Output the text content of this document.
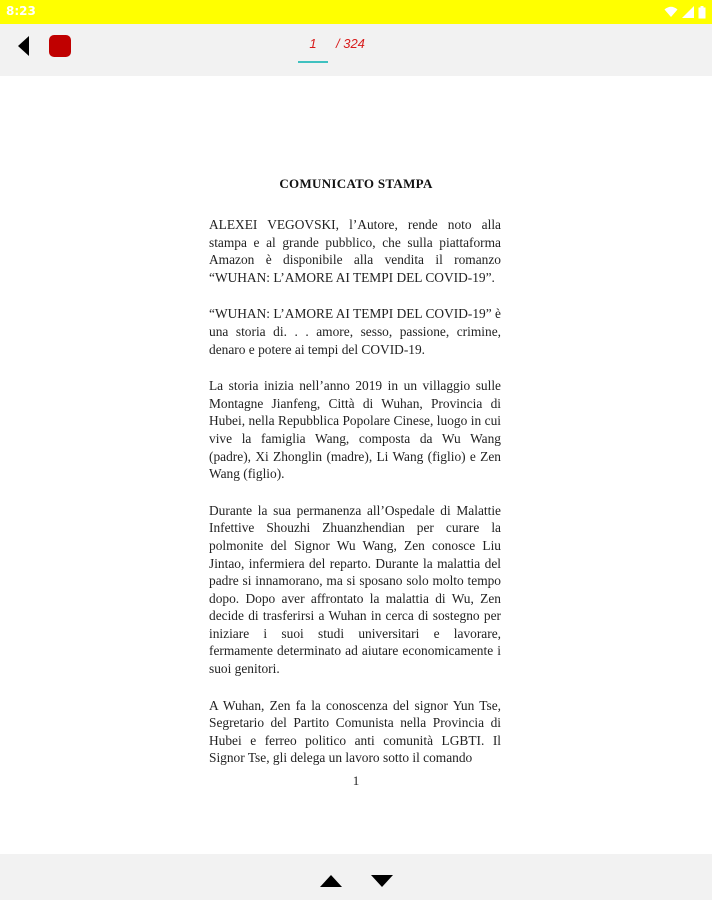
8:23
1	/ 324
COMUNICATO STAMPA

ALEXEI VEGOVSKI, l’Autore, rende noto alla stampa e al grande pubblico, che sulla piattaforma Amazon è disponibile alla vendita il romanzo “WUHAN: L’AMORE AI TEMPI DEL COVID-19”.

“WUHAN: L’AMORE AI TEMPI DEL COVID-19” è una storia di. . . amore, sesso, passione, crimine, denaro e potere ai tempi del COVID-19.

La storia inizia nell’anno 2019 in un villaggio sulle Montagne Jianfeng, Città di Wuhan, Provincia di Hubei, nella Repubblica Popolare Cinese, luogo in cui vive la famiglia Wang, composta da Wu Wang (padre), Xi Zhonglin (madre), Li Wang (figlio) e Zen Wang (figlio).

Durante la sua permanenza all’Ospedale di Malattie Infettive Shouzhi Zhuanzhendian per curare la polmonite del Signor Wu Wang, Zen conosce Liu Jintao, infermiera del reparto. Durante la malattia del padre si innamorano, ma si sposano solo molto tempo dopo. Dopo aver affrontato la malattia di Wu, Zen decide di trasferirsi a Wuhan in cerca di sostegno per iniziare i suoi studi universitari e lavorare, fermamente determinato ad aiutare economicamente i suoi genitori.

A Wuhan, Zen fa la conoscenza del signor Yun Tse, Segretario del Partito Comunista nella Provincia di Hubei e ferreo politico anti comunità LGBTI. Il Signor Tse, gli delega un lavoro sotto il comando

1
